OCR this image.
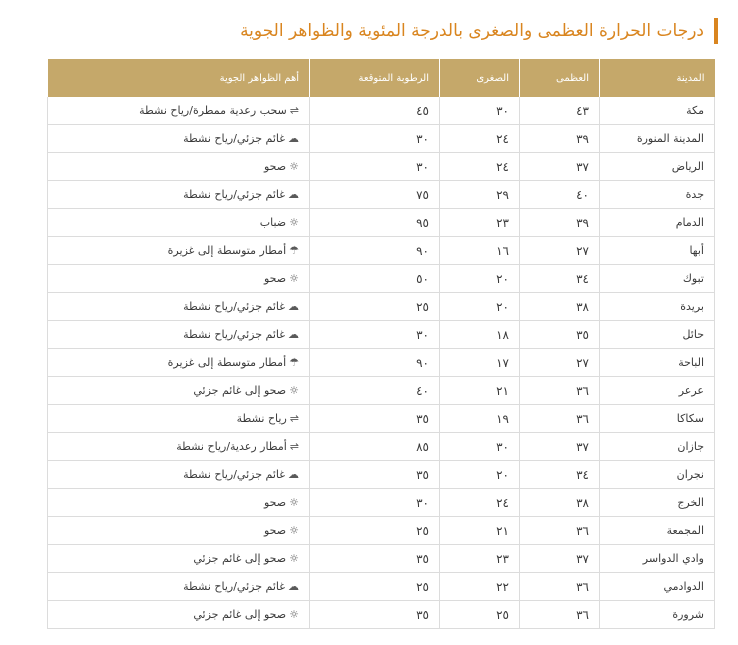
درجات الحرارة العظمى والصغرى بالدرجة المئوية والظواهر الجوية
المدينة	العظمى	الصغرى	الرطوبة المتوقعة	أهم الظواهر الجوية
مكة	٤٣	٣٠	٤٥	⇌سحب رعدية ممطرة/رياح نشطة
المدينة المنورة	٣٩	٢٤	٣٠	☁غائم جزئي/رياح نشطة
الرياض	٣٧	٢٤	٣٠	☼صحو
جدة	٤٠	٢٩	٧٥	☁غائم جزئي/رياح نشطة
الدمام	٣٩	٢٣	٩٥	☼ضباب
أبها	٢٧	١٦	٩٠	☂أمطار متوسطة إلى غزيرة
تبوك	٣٤	٢٠	٥٠	☼صحو
بريدة	٣٨	٢٠	٢٥	☁غائم جزئي/رياح نشطة
حائل	٣٥	١٨	٣٠	☁غائم جزئي/رياح نشطة
الباحة	٢٧	١٧	٩٠	☂أمطار متوسطة إلى غزيرة
عرعر	٣٦	٢١	٤٠	☼صحو إلى غائم جزئي
سكاكا	٣٦	١٩	٣٥	⇌رياح نشطة
جازان	٣٧	٣٠	٨٥	⇌أمطار رعدية/رياح نشطة
نجران	٣٤	٢٠	٣٥	☁غائم جزئي/رياح نشطة
الخرج	٣٨	٢٤	٣٠	☼صحو
المجمعة	٣٦	٢١	٢٥	☼صحو
وادي الدواسر	٣٧	٢٣	٣٥	☼صحو إلى غائم جزئي
الدوادمي	٣٦	٢٢	٢٥	☁غائم جزئي/رياح نشطة
شرورة	٣٦	٢٥	٣٥	☼صحو إلى غائم جزئي
